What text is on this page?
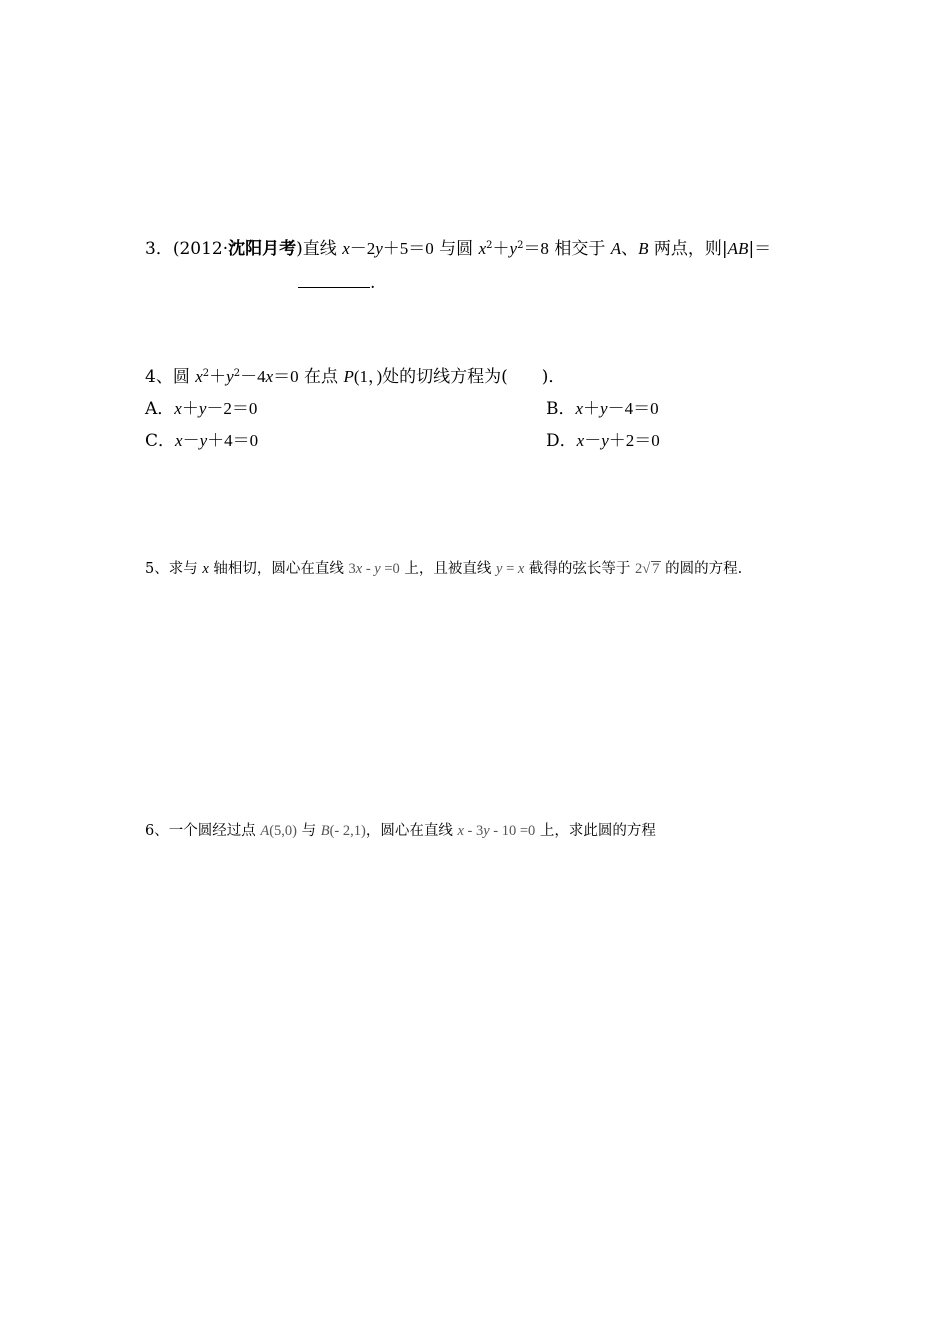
3．(2012·沈阳月考)直线 x－2y＋5＝0 与圆 $x^2+y^2=8$ 相交于 A、B 两点，则|AB|＝
.
4、圆 $x^2+y^2-4x=0$ 在点 P(1，)处的切线方程为(　　)．
A．x＋y－2＝0	B．x＋y－4＝0
C．x－y＋4＝0	D．x－y＋2＝0
5、求与 x 轴相切，圆心在直线 3x - y =0 上，且被直线 y = x 截得的弦长等于 2√ 7 的圆的方程.
6、一个圆经过点 A(5,0) 与 B(- 2,1)，圆心在直线 x - 3y - 10 =0 上，求此圆的方程
